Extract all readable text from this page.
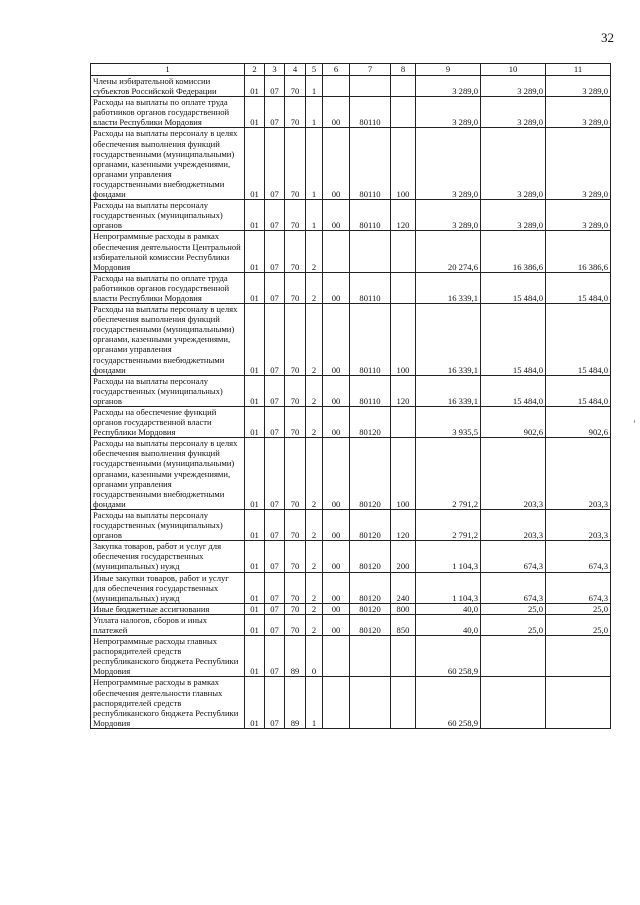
32
1	2	3	4	5	6	7	8	9	10	11
Члены избирательной комиссии субъектов Российской Федерации	01	07	70	1				3 289,0	3 289,0	3 289,0
Расходы на выплаты по оплате труда работников органов государственной власти Республики Мордовия	01	07	70	1	00	80110		3 289,0	3 289,0	3 289,0
Расходы на выплаты персоналу в целях обеспечения выполнения функций государственными (муниципальными) органами, казенными учреждениями, органами управления государственными внебюджетными фондами	01	07	70	1	00	80110	100	3 289,0	3 289,0	3 289,0
Расходы на выплаты персоналу государственных (муниципальных) органов	01	07	70	1	00	80110	120	3 289,0	3 289,0	3 289,0
Непрограммные расходы в рамках обеспечения деятельности Центральной избирательной комиссии Республики Мордовия	01	07	70	2				20 274,6	16 386,6	16 386,6
Расходы на выплаты по оплате труда работников органов государственной власти Республики Мордовия	01	07	70	2	00	80110		16 339,1	15 484,0	15 484,0
Расходы на выплаты персоналу в целях обеспечения выполнения функций государственными (муниципальными) органами, казенными учреждениями, органами управления государственными внебюджетными фондами	01	07	70	2	00	80110	100	16 339,1	15 484,0	15 484,0
Расходы на выплаты персоналу государственных (муниципальных) органов	01	07	70	2	00	80110	120	16 339,1	15 484,0	15 484,0
Расходы на обеспечение функций органов государственной власти Республики Мордовия	01	07	70	2	00	80120		3 935,5	902,6	902,6
Расходы на выплаты персоналу в целях обеспечения выполнения функций государственными (муниципальными) органами, казенными учреждениями, органами управления государственными внебюджетными фондами	01	07	70	2	00	80120	100	2 791,2	203,3	203,3
Расходы на выплаты персоналу государственных (муниципальных) органов	01	07	70	2	00	80120	120	2 791,2	203,3	203,3
Закупка товаров, работ и услуг для обеспечения государственных (муниципальных) нужд	01	07	70	2	00	80120	200	1 104,3	674,3	674,3
Иные закупки товаров, работ и услуг для обеспечения государственных (муниципальных) нужд	01	07	70	2	00	80120	240	1 104,3	674,3	674,3
Иные бюджетные ассигнования	01	07	70	2	00	80120	800	40,0	25,0	25,0
Уплата налогов, сборов и иных платежей	01	07	70	2	00	80120	850	40,0	25,0	25,0
Непрограммные расходы главных распорядителей средств республиканского бюджета Республики Мордовия	01	07	89	0				60 258,9		
Непрограммные расходы в рамках обеспечения деятельности главных распорядителей средств республиканского бюджета Республики Мордовия	01	07	89	1				60 258,9		
